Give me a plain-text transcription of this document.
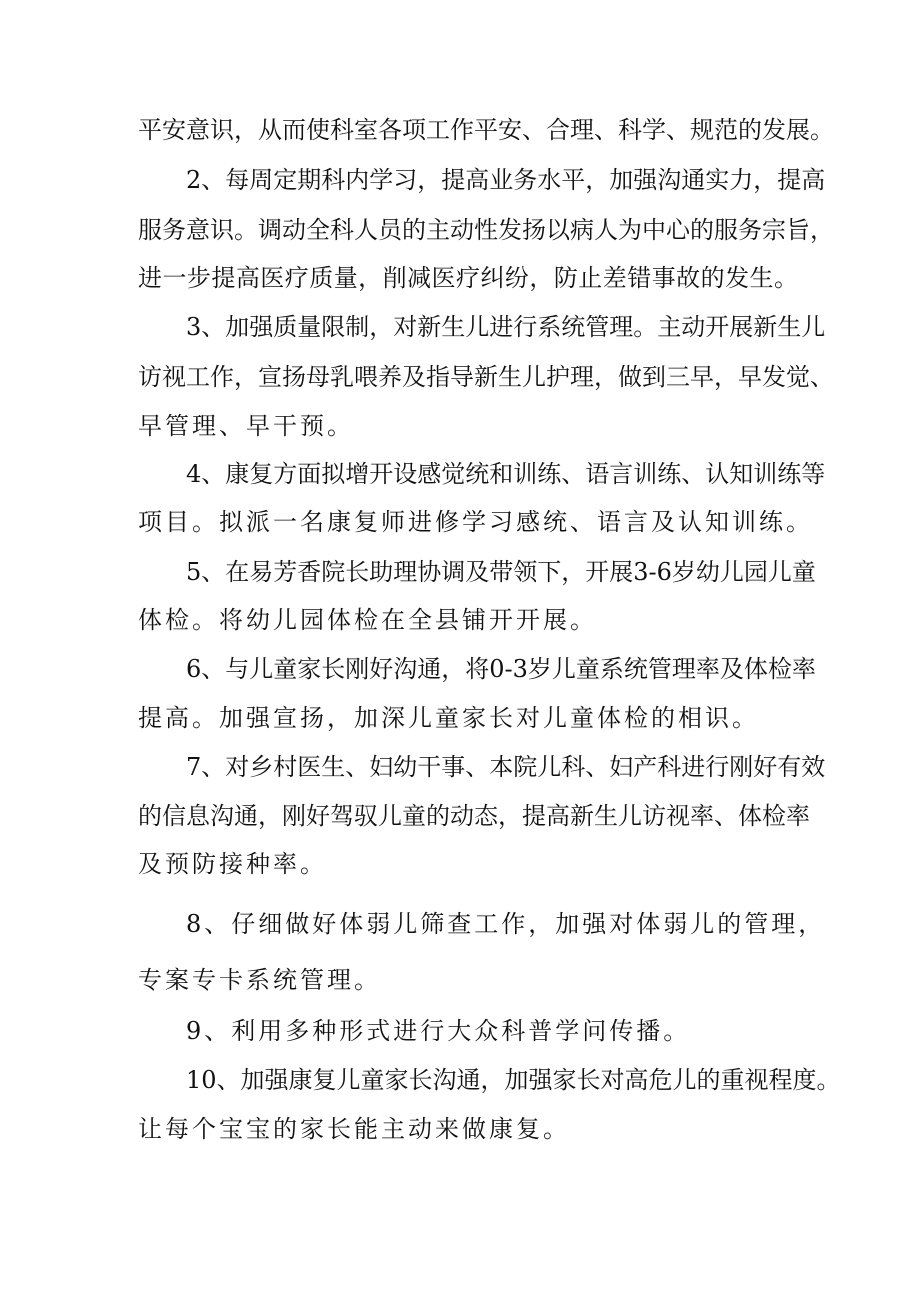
平安意识，从而使科室各项工作平安、合理、科学、规范的发展。
2、每周定期科内学习，提高业务水平，加强沟通实力，提高
服务意识。调动全科人员的主动性发扬以病人为中心的服务宗旨，
进一步提高医疗质量，削减医疗纠纷，防止差错事故的发生。
3、加强质量限制，对新生儿进行系统管理。主动开展新生儿
访视工作，宣扬母乳喂养及指导新生儿护理，做到三早，早发觉、
早管理、早干预。
4、康复方面拟增开设感觉统和训练、语言训练、认知训练等
项目。拟派一名康复师进修学习感统、语言及认知训练。
5、在易芳香院长助理协调及带领下，开展3-6岁幼儿园儿童
体检。将幼儿园体检在全县铺开开展。
6、与儿童家长刚好沟通，将0-3岁儿童系统管理率及体检率
提高。加强宣扬，加深儿童家长对儿童体检的相识。
7、对乡村医生、妇幼干事、本院儿科、妇产科进行刚好有效
的信息沟通，刚好驾驭儿童的动态，提高新生儿访视率、体检率
及预防接种率。
8、仔细做好体弱儿筛查工作，加强对体弱儿的管理，
专案专卡系统管理。
9、利用多种形式进行大众科普学问传播。
10、加强康复儿童家长沟通，加强家长对高危儿的重视程度。
让每个宝宝的家长能主动来做康复。
